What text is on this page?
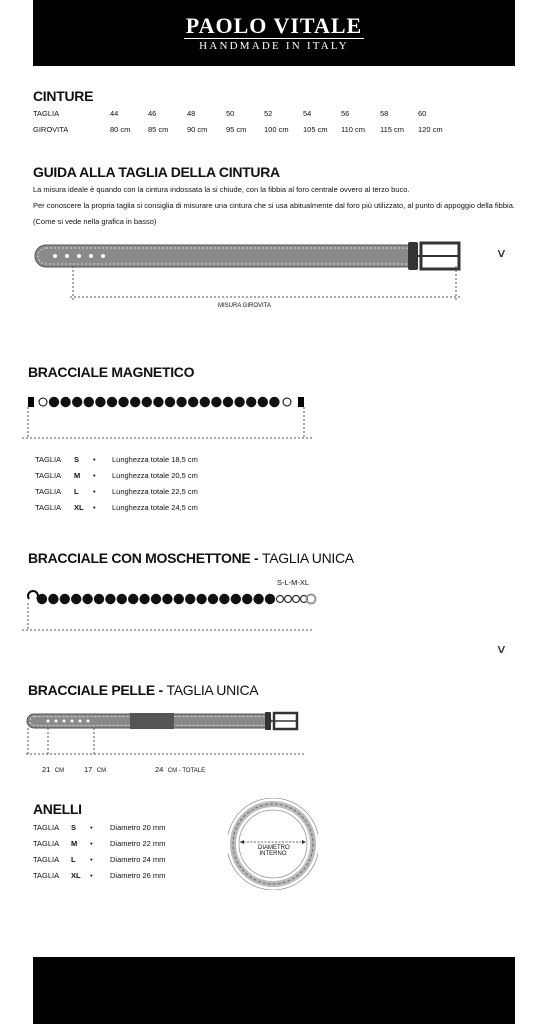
PAOLO VITALE
HANDMADE IN ITALY
CINTURE
TAGLIA
GIROVITA
44
80 cm
46
85 cm
48
90 cm
50
95 cm
52
100 cm
54
105 cm
56
110 cm
58
115 cm
60
120 cm
GUIDA ALLA TAGLIA DELLA CINTURA
La misura ideale è quando con la cintura indossata la si chiude, con la fibbia al foro centrale ovvero al terzo buco.
Per conoscere la propria taglia si consiglia di misurare una cintura che si usa abitualmente dal foro più utilizzato, al punto di appoggio della fibbia.
(Come si vede nella grafica in basso)
MISURA GIROVITA
∨
BRACCIALE MAGNETICO
TAGLIA S • Lunghezza totale 18,5 cm
TAGLIA M • Lunghezza totale 20,5 cm
TAGLIA L • Lunghezza totale 22,5 cm
TAGLIA XL • Lunghezza totale 24,5 cm
BRACCIALE CON MOSCHETTONE - TAGLIA UNICA
S-L-M-XL
∨
BRACCIALE PELLE - TAGLIA UNICA
21 CM	17 CM	24 CM - TOTALE
ANELLI
TAGLIA S • Diametro 20 mm
TAGLIA M • Diametro 22 mm
TAGLIA L • Diametro 24 mm
TAGLIA XL • Diametro 26 mm
DIAMETRO
INTERNO
